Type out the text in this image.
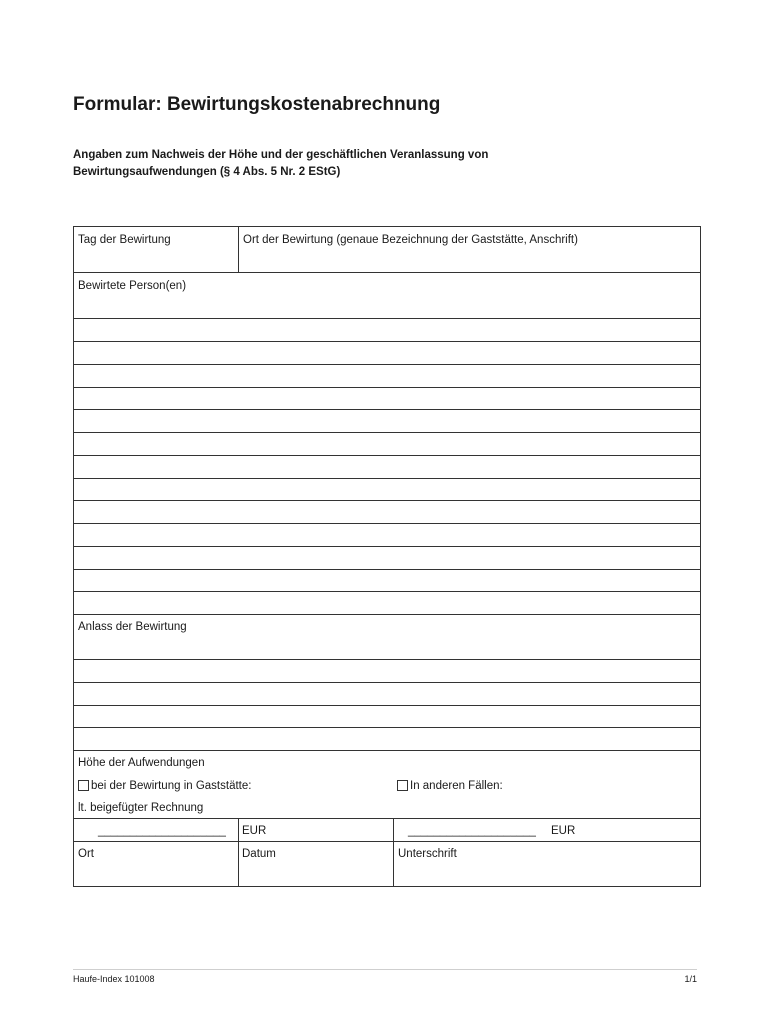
Formular: Bewirtungskostenabrechnung

Angaben zum Nachweis der Höhe und der geschäftlichen Veranlassung von
Bewirtungsaufwendungen (§ 4 Abs. 5 Nr. 2 EStG)

Tag der Bewirtung	Ort der Bewirtung (genaue Bezeichnung der Gaststätte, Anschrift)
Bewirtete Person(en)
Anlass der Bewirtung
Höhe der Aufwendungen
bei der Bewirtung in Gaststätte:	In anderen Fällen:
lt. beigefügter Rechnung
____________________ EUR	____________________ EUR
Ort	Datum	Unterschrift
Haufe-Index 101008	1/1
